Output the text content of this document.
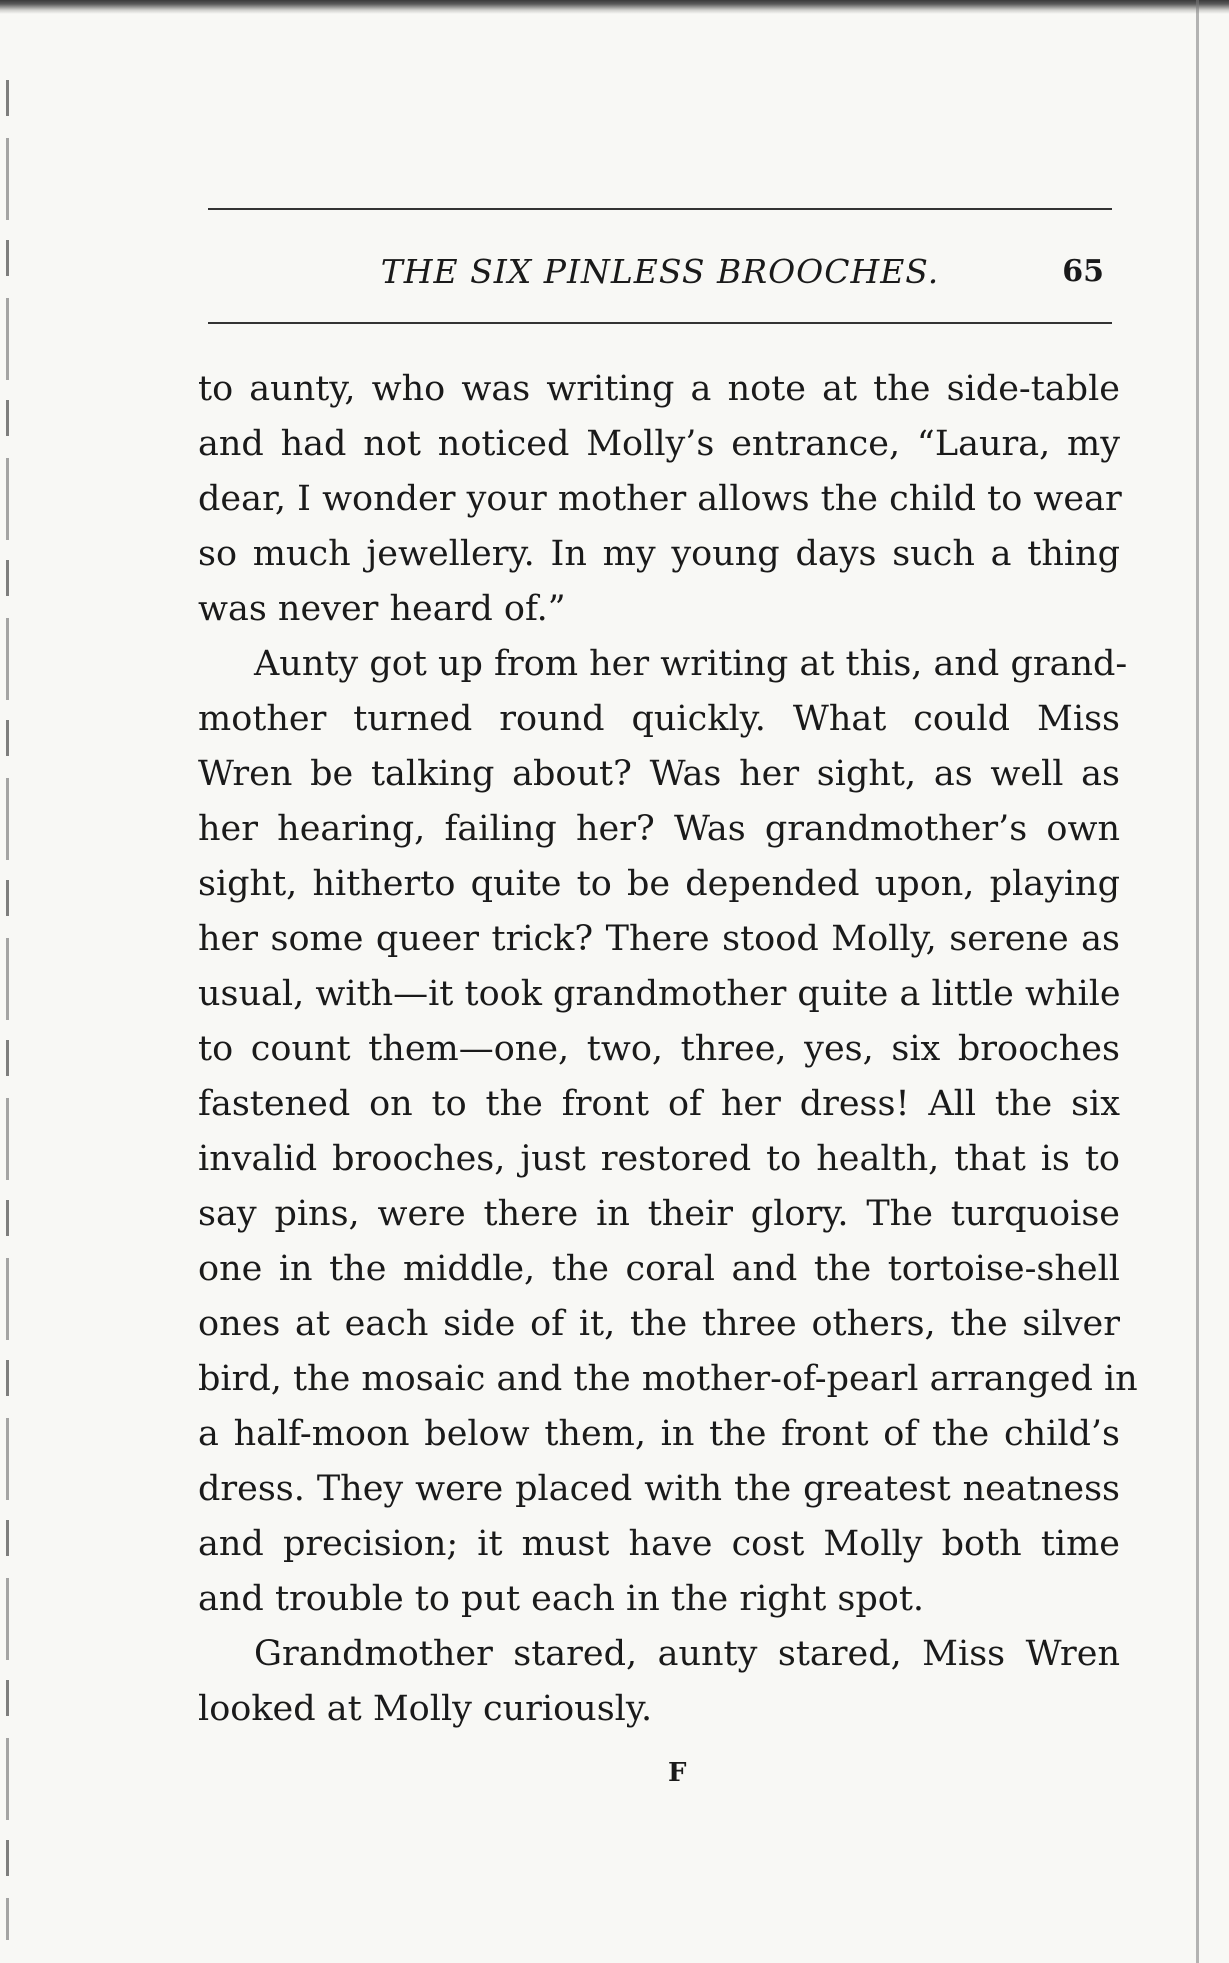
THE SIX PINLESS BROOCHES.	65
to aunty, who was writing a note at the side-table
and had not noticed Molly’s entrance, “Laura, my
dear, I wonder your mother allows the child to wear
so much jewellery. In my young days such a thing
was never heard of.”
Aunty got up from her writing at this, and grand-
mother turned round quickly. What could Miss
Wren be talking about? Was her sight, as well as
her hearing, failing her? Was grandmother’s own
sight, hitherto quite to be depended upon, playing
her some queer trick? There stood Molly, serene as
usual, with—it took grandmother quite a little while
to count them—one, two, three, yes, six brooches
fastened on to the front of her dress! All the six
invalid brooches, just restored to health, that is to
say pins, were there in their glory. The turquoise
one in the middle, the coral and the tortoise-shell
ones at each side of it, the three others, the silver
bird, the mosaic and the mother-of-pearl arranged in
a half-moon below them, in the front of the child’s
dress. They were placed with the greatest neatness
and precision; it must have cost Molly both time
and trouble to put each in the right spot.
Grandmother stared, aunty stared, Miss Wren
looked at Molly curiously.
F
